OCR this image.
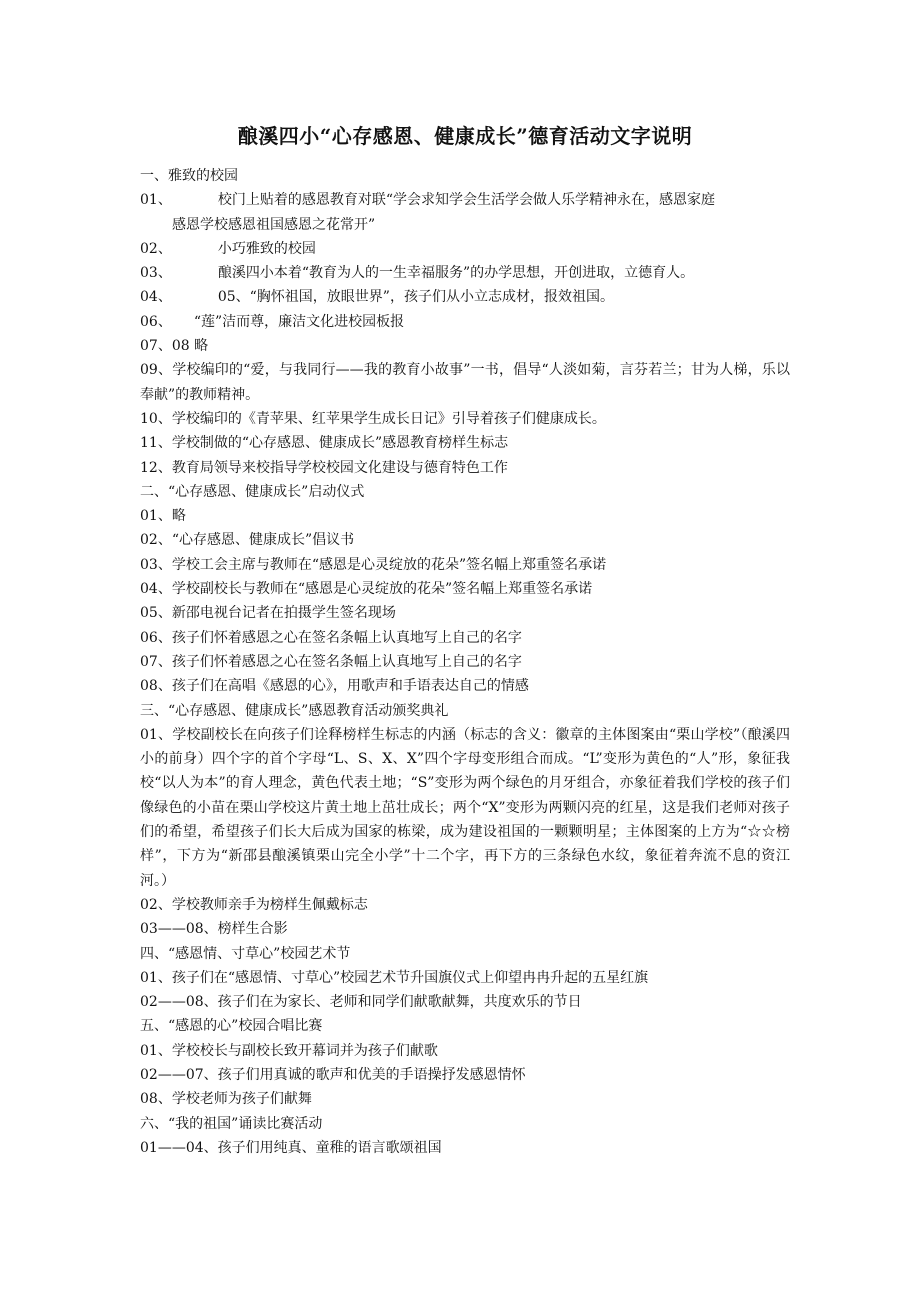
酿溪四小“心存感恩、健康成长”德育活动文字说明

一、雅致的校园

01、	校门上贴着的感恩教育对联“学会求知学会生活学会做人乐学精神永在，感恩家庭

感恩学校感恩祖国感恩之花常开”

02、	小巧雅致的校园
03、	酿溪四小本着“教育为人的一生幸福服务”的办学思想，开创进取，立德育人。
04、	05、“胸怀祖国，放眼世界”，孩子们从小立志成材，报效祖国。
06、 “莲”洁而尊，廉洁文化进校园板报

07、08 略

09、学校编印的“爱，与我同行——我的教育小故事”一书，倡导“人淡如菊，言芬若兰；甘为人梯，乐以奉献”的教师精神。

10、学校编印的《青苹果、红苹果学生成长日记》引导着孩子们健康成长。

11、学校制做的“心存感恩、健康成长”感恩教育榜样生标志

12、教育局领导来校指导学校校园文化建设与德育特色工作

二、“心存感恩、健康成长”启动仪式

01、略

02、“心存感恩、健康成长”倡议书

03、学校工会主席与教师在“感恩是心灵绽放的花朵”签名幅上郑重签名承诺

04、学校副校长与教师在“感恩是心灵绽放的花朵”签名幅上郑重签名承诺

05、新邵电视台记者在拍摄学生签名现场

06、孩子们怀着感恩之心在签名条幅上认真地写上自己的名字

07、孩子们怀着感恩之心在签名条幅上认真地写上自己的名字

08、孩子们在高唱《感恩的心》，用歌声和手语表达自己的情感

三、“心存感恩、健康成长”感恩教育活动颁奖典礼

01、学校副校长在向孩子们诠释榜样生标志的内涵（标志的含义：徽章的主体图案由“栗山学校”（酿溪四小的前身）四个字的首个字母“L、S、X、X”四个字母变形组合而成。“L”变形为黄色的“人”形，象征我校“以人为本”的育人理念，黄色代表土地；“S”变形为两个绿色的月牙组合，亦象征着我们学校的孩子们像绿色的小苗在栗山学校这片黄土地上茁壮成长；两个“X”变形为两颗闪亮的红星，这是我们老师对孩子们的希望，希望孩子们长大后成为国家的栋梁，成为建设祖国的一颗颗明星；主体图案的上方为“☆☆榜样”，下方为“新邵县酿溪镇栗山完全小学”十二个字，再下方的三条绿色水纹，象征着奔流不息的资江河。）

02、学校教师亲手为榜样生佩戴标志

03——08、榜样生合影

四、“感恩情、寸草心”校园艺术节

01、孩子们在“感恩情、寸草心”校园艺术节升国旗仪式上仰望冉冉升起的五星红旗

02——08、孩子们在为家长、老师和同学们献歌献舞，共度欢乐的节日

五、“感恩的心”校园合唱比赛

01、学校校长与副校长致开幕词并为孩子们献歌

02——07、孩子们用真诚的歌声和优美的手语操抒发感恩情怀

08、学校老师为孩子们献舞

六、“我的祖国”诵读比赛活动

01——04、孩子们用纯真、童稚的语言歌颂祖国
